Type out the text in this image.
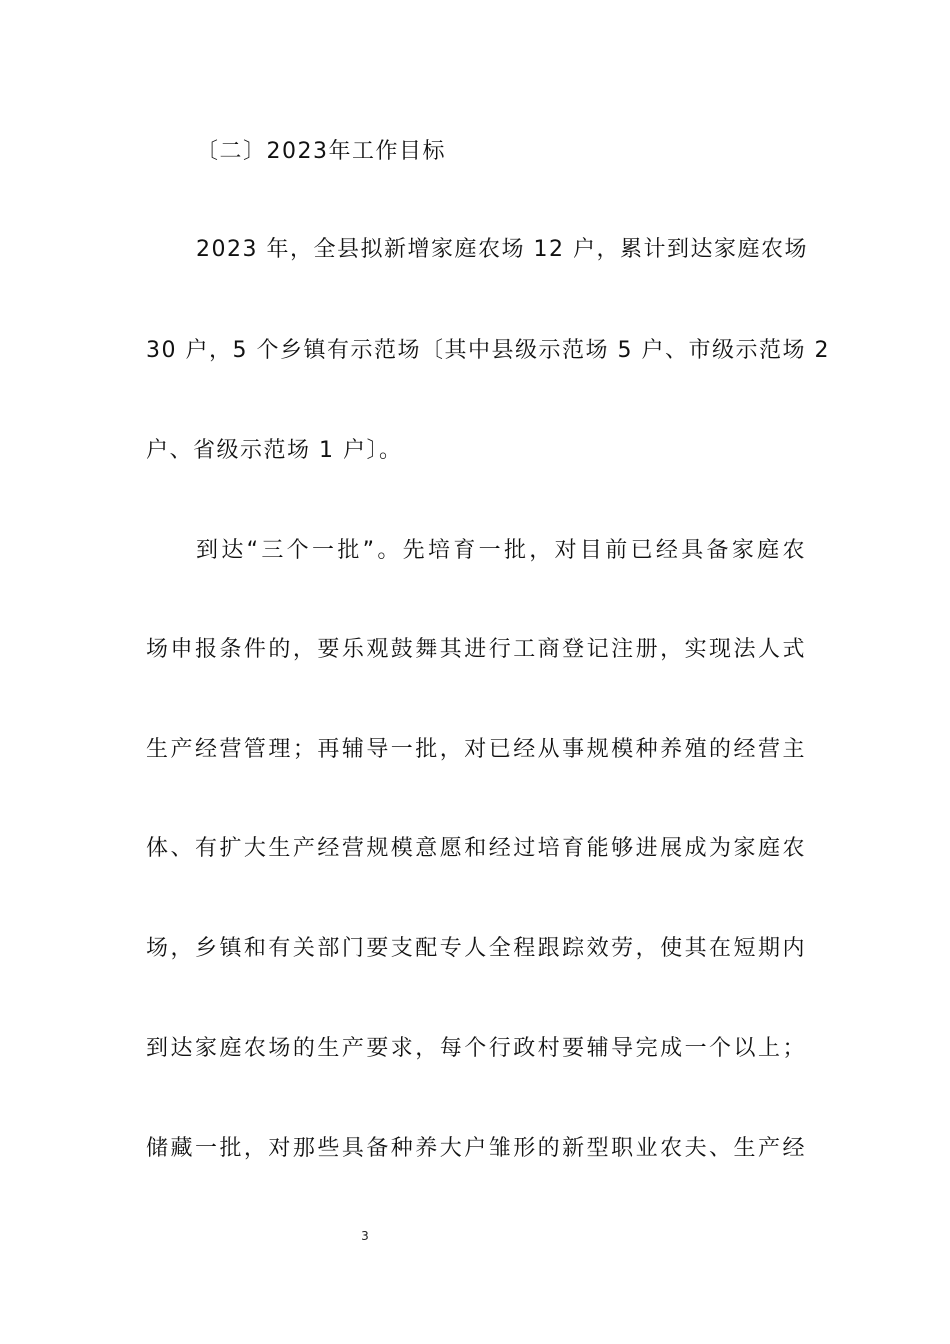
〔二〕2023年工作目标
2023 年，全县拟新增家庭农场 12 户，累计到达家庭农场
30 户，5 个乡镇有示范场〔其中县级示范场 5 户、市级示范场 2
户、省级示范场 1 户〕。
到达“三个一批”。先培育一批，对目前已经具备家庭农
场申报条件的，要乐观鼓舞其进行工商登记注册，实现法人式
生产经营管理；再辅导一批，对已经从事规模种养殖的经营主
体、有扩大生产经营规模意愿和经过培育能够进展成为家庭农
场，乡镇和有关部门要支配专人全程跟踪效劳，使其在短期内
到达家庭农场的生产要求，每个行政村要辅导完成一个以上；
储藏一批，对那些具备种养大户雏形的新型职业农夫、生产经
3
